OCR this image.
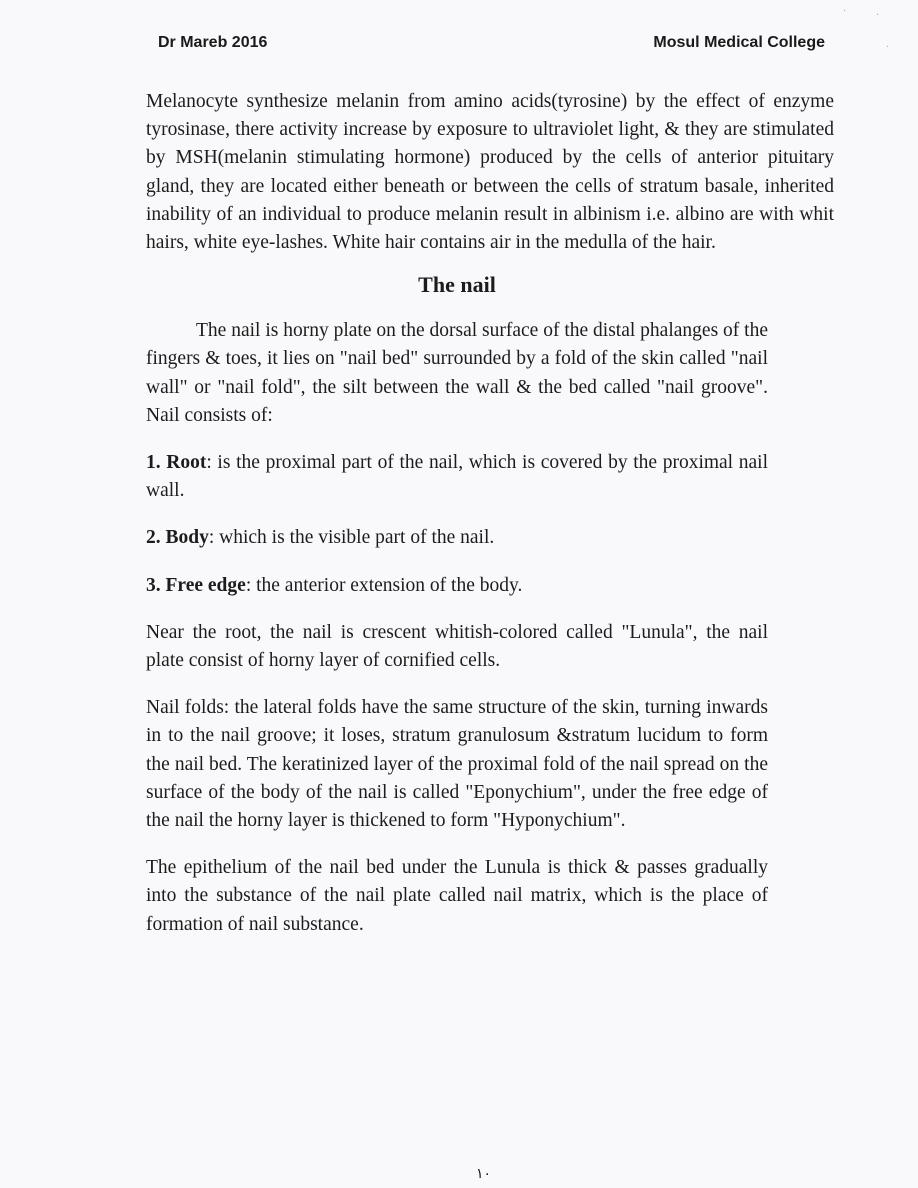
Dr Mareb 2016	Mosul Medical College

Melanocyte synthesize melanin from amino acids(tyrosine) by the effect of enzyme tyrosinase, there activity increase by exposure to ultraviolet light, & they are stimulated by MSH(melanin stimulating hormone) produced by the cells of anterior pituitary gland, they are located either beneath or between the cells of stratum basale, inherited inability of an individual to produce melanin result in albinism i.e. albino are with whit hairs, white eye-lashes. White hair contains air in the medulla of the hair.

The nail

The nail is horny plate on the dorsal surface of the distal phalanges of the fingers & toes, it lies on "nail bed" surrounded by a fold of the skin called "nail wall" or "nail fold", the silt between the wall & the bed called "nail groove". Nail consists of:

1. Root: is the proximal part of the nail, which is covered by the proximal nail wall.

2. Body: which is the visible part of the nail.

3. Free edge: the anterior extension of the body.

Near the root, the nail is crescent whitish-colored called "Lunula", the nail plate consist of horny layer of cornified cells.

Nail folds: the lateral folds have the same structure of the skin, turning inwards in to the nail groove; it loses, stratum granulosum &stratum lucidum to form the nail bed. The keratinized layer of the proximal fold of the nail spread on the surface of the body of the nail is called "Eponychium", under the free edge of the nail the horny layer is thickened to form "Hyponychium".

The epithelium of the nail bed under the Lunula is thick & passes gradually into the substance of the nail plate called nail matrix, which is the place of formation of nail substance.

١٠
·	·
·
